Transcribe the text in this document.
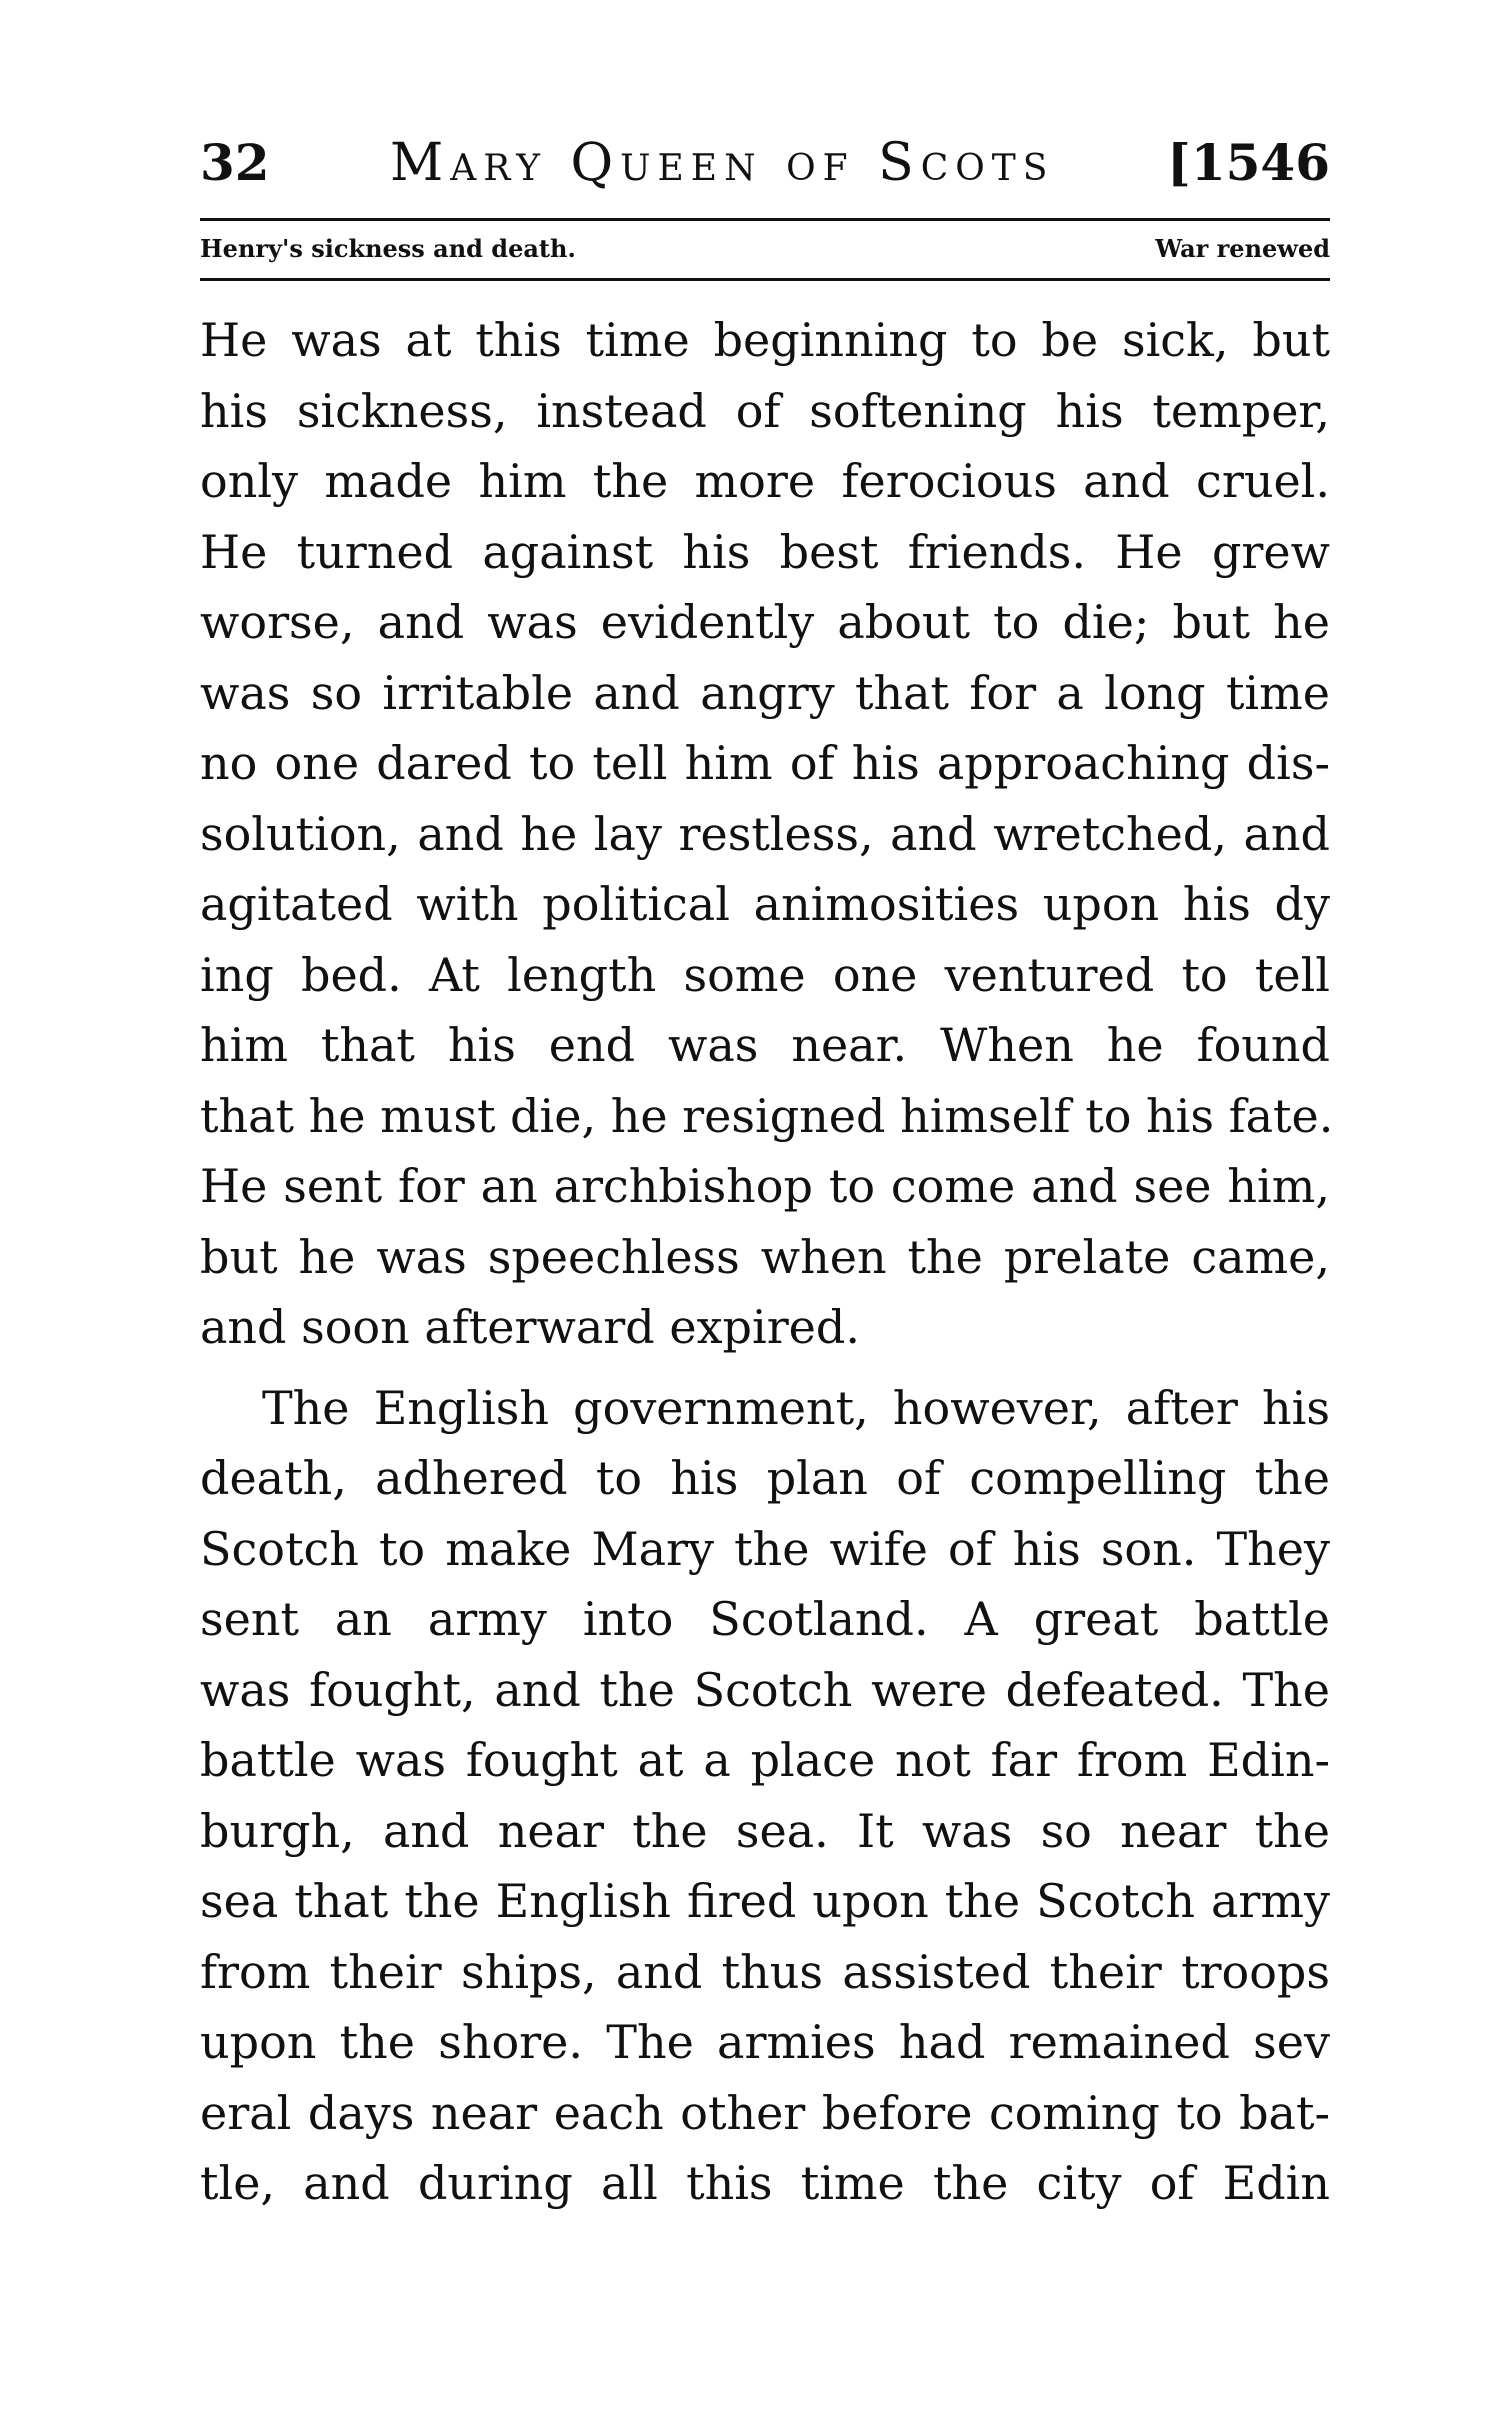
32 Mary Queen of Scots	[1546
Henry's sickness and death.	War renewed
He was at this time beginning to be sick, but
his sickness, instead of softening his temper,
only made him the more ferocious and cruel.
He turned against his best friends. He grew
worse, and was evidently about to die; but he
was so irritable and angry that for a long time
no one dared to tell him of his approaching dis-
solution, and he lay restless, and wretched, and
agitated with political animosities upon his dy
ing bed. At length some one ventured to tell
him that his end was near. When he found
that he must die, he resigned himself to his fate.
He sent for an archbishop to come and see him,
but he was speechless when the prelate came,
and soon afterward expired.
The English government, however, after his
death, adhered to his plan of compelling the
Scotch to make Mary the wife of his son. They
sent an army into Scotland. A great battle
was fought, and the Scotch were defeated. The
battle was fought at a place not far from Edin-
burgh, and near the sea. It was so near the
sea that the English fired upon the Scotch army
from their ships, and thus assisted their troops
upon the shore. The armies had remained sev
eral days near each other before coming to bat-
tle, and during all this time the city of Edin
